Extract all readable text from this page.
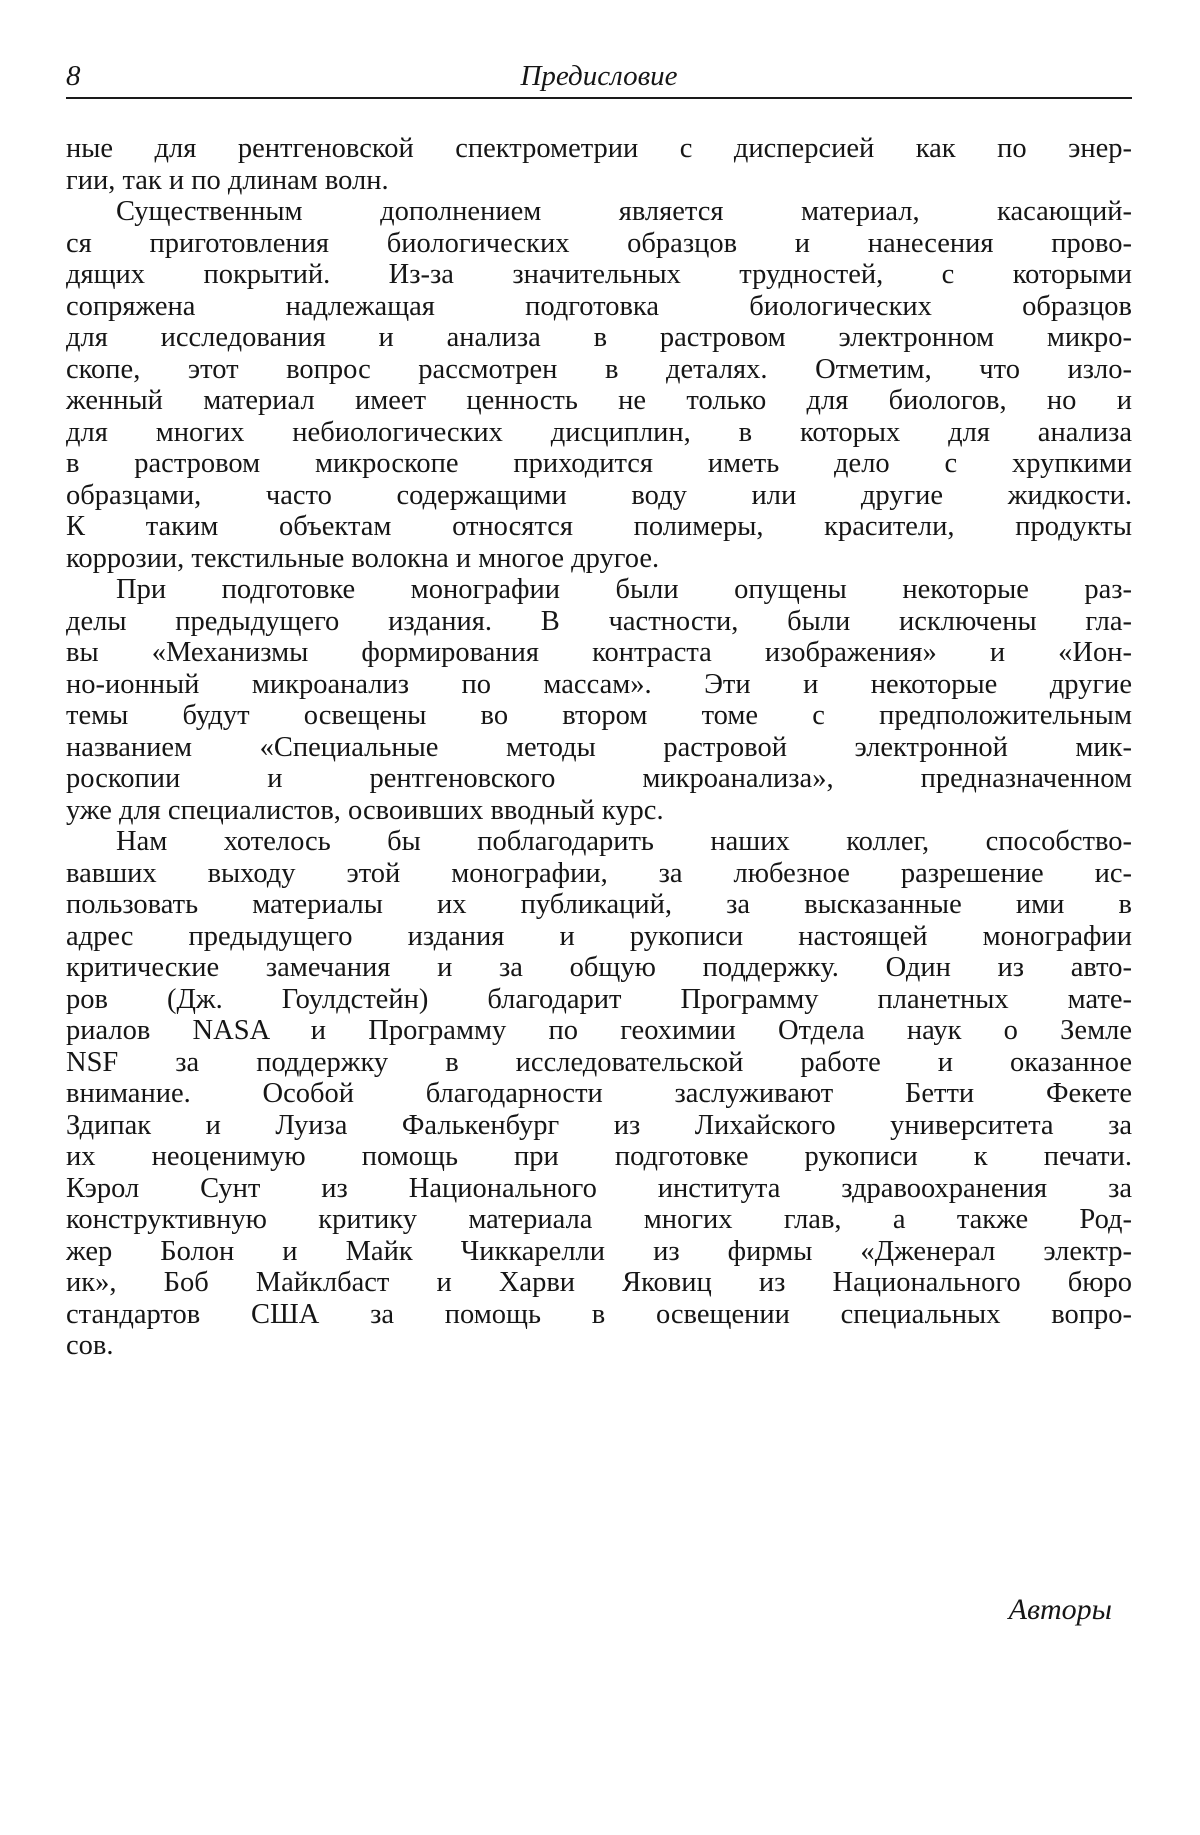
8	Предисловие
ные для рентгеновской спектрометрии с дисперсией как по энер-
гии, так и по длинам волн.
Существенным дополнением является материал, касающий-
ся приготовления биологических образцов и нанесения прово-
дящих покрытий. Из-за значительных трудностей, с которыми
сопряжена надлежащая подготовка биологических образцов
для исследования и анализа в растровом электронном микро-
скопе, этот вопрос рассмотрен в деталях. Отметим, что изло-
женный материал имеет ценность не только для биологов, но и
для многих небиологических дисциплин, в которых для анализа
в растровом микроскопе приходится иметь дело с хрупкими
образцами, часто содержащими воду или другие жидкости.
К таким объектам относятся полимеры, красители, продукты
коррозии, текстильные волокна и многое другое.
При подготовке монографии были опущены некоторые раз-
делы предыдущего издания. В частности, были исключены гла-
вы «Механизмы формирования контраста изображения» и «Ион-
но-ионный микроанализ по массам». Эти и некоторые другие
темы будут освещены во втором томе с предположительным
названием «Специальные методы растровой электронной мик-
роскопии и рентгеновского микроанализа», предназначенном
уже для специалистов, освоивших вводный курс.
Нам хотелось бы поблагодарить наших коллег, способство-
вавших выходу этой монографии, за любезное разрешение ис-
пользовать материалы их публикаций, за высказанные ими в
адрес предыдущего издания и рукописи настоящей монографии
критические замечания и за общую поддержку. Один из авто-
ров (Дж. Гоулдстейн) благодарит Программу планетных мате-
риалов NASA и Программу по геохимии Отдела наук о Земле
NSF за поддержку в исследовательской работе и оказанное
внимание. Особой благодарности заслуживают Бетти Фекете
Здипак и Луиза Фалькенбург из Лихайского университета за
их неоценимую помощь при подготовке рукописи к печати.
Кэрол Сунт из Национального института здравоохранения за
конструктивную критику материала многих глав, а также Род-
жер Болон и Майк Чиккарелли из фирмы «Дженерал электр-
ик», Боб Майклбаст и Харви Яковиц из Национального бюро
стандартов США за помощь в освещении специальных вопро-
сов.
Авторы
